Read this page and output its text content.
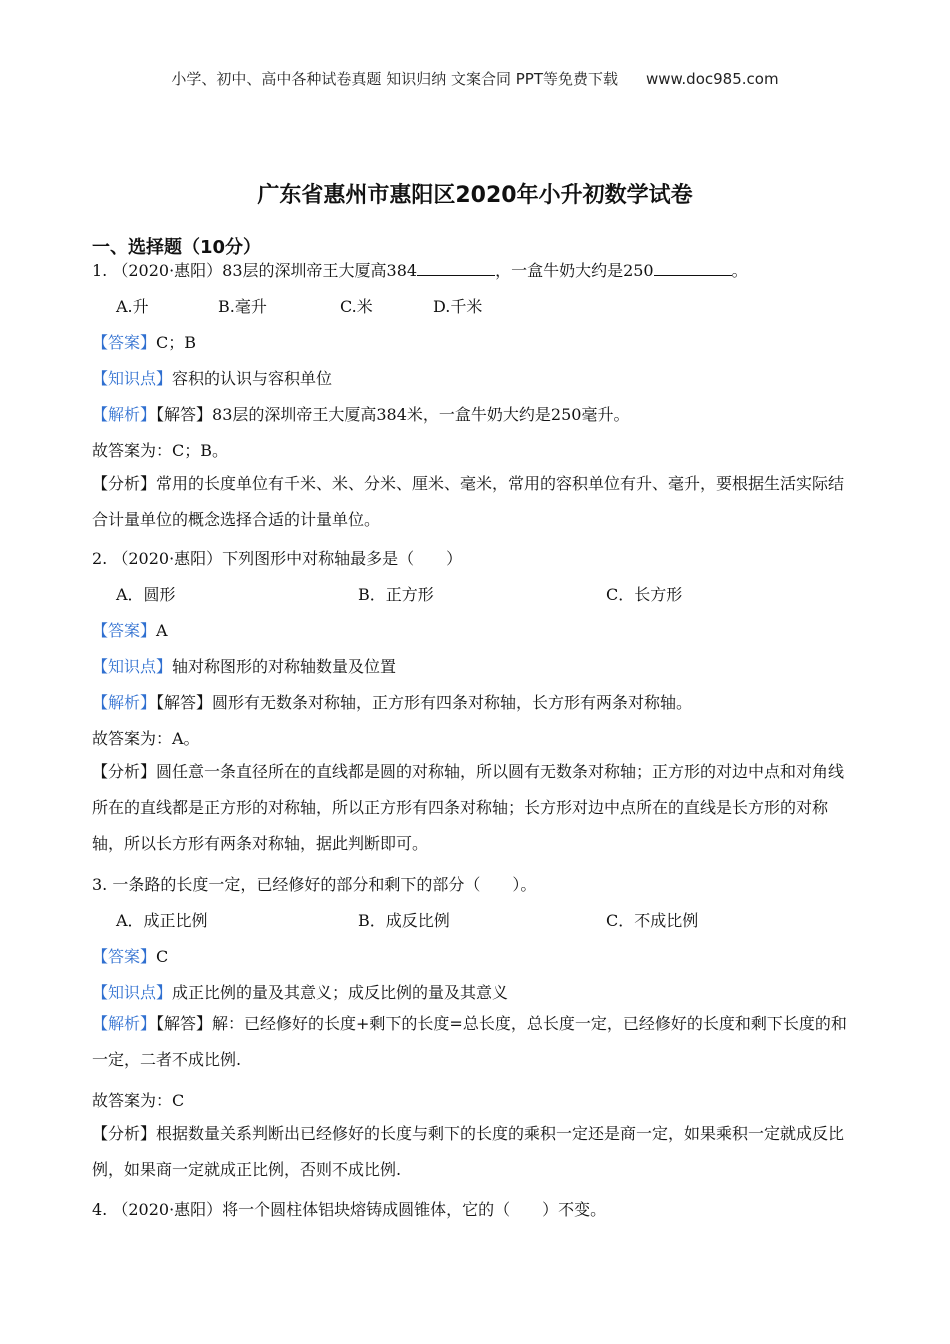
小学、初中、高中各种试卷真题 知识归纳 文案合同 PPT等免费下载 www.doc985.com
广东省惠州市惠阳区2020年小升初数学试卷
一、选择题（10分）
1. （2020·惠阳）83层的深圳帝王大厦高384	，一盒牛奶大约是250	。
A.升	B.毫升	C.米	D.千米
【答案】C；B
【知识点】容积的认识与容积单位
【解析】【解答】83层的深圳帝王大厦高384米，一盒牛奶大约是250毫升。
故答案为：C；B。
【分析】常用的长度单位有千米、米、分米、厘米、毫米，常用的容积单位有升、毫升，要根据生活实际结合计量单位的概念选择合适的计量单位。
2. （2020·惠阳）下列图形中对称轴最多是（　　）
A．圆形	B．正方形	C．长方形
【答案】A
【知识点】轴对称图形的对称轴数量及位置
【解析】【解答】圆形有无数条对称轴，正方形有四条对称轴，长方形有两条对称轴。
故答案为：A。
【分析】圆任意一条直径所在的直线都是圆的对称轴，所以圆有无数条对称轴；正方形的对边中点和对角线所在的直线都是正方形的对称轴，所以正方形有四条对称轴；长方形对边中点所在的直线是长方形的对称轴，所以长方形有两条对称轴，据此判断即可。
3. 一条路的长度一定，已经修好的部分和剩下的部分（　　）。
A．成正比例	B．成反比例	C．不成比例
【答案】C
【知识点】成正比例的量及其意义；成反比例的量及其意义
【解析】【解答】解：已经修好的长度+剩下的长度=总长度，总长度一定，已经修好的长度和剩下长度的和一定，二者不成比例.
故答案为：C
【分析】根据数量关系判断出已经修好的长度与剩下的长度的乘积一定还是商一定，如果乘积一定就成反比例，如果商一定就成正比例，否则不成比例.
4. （2020·惠阳）将一个圆柱体铝块熔铸成圆锥体，它的（　　）不变。
